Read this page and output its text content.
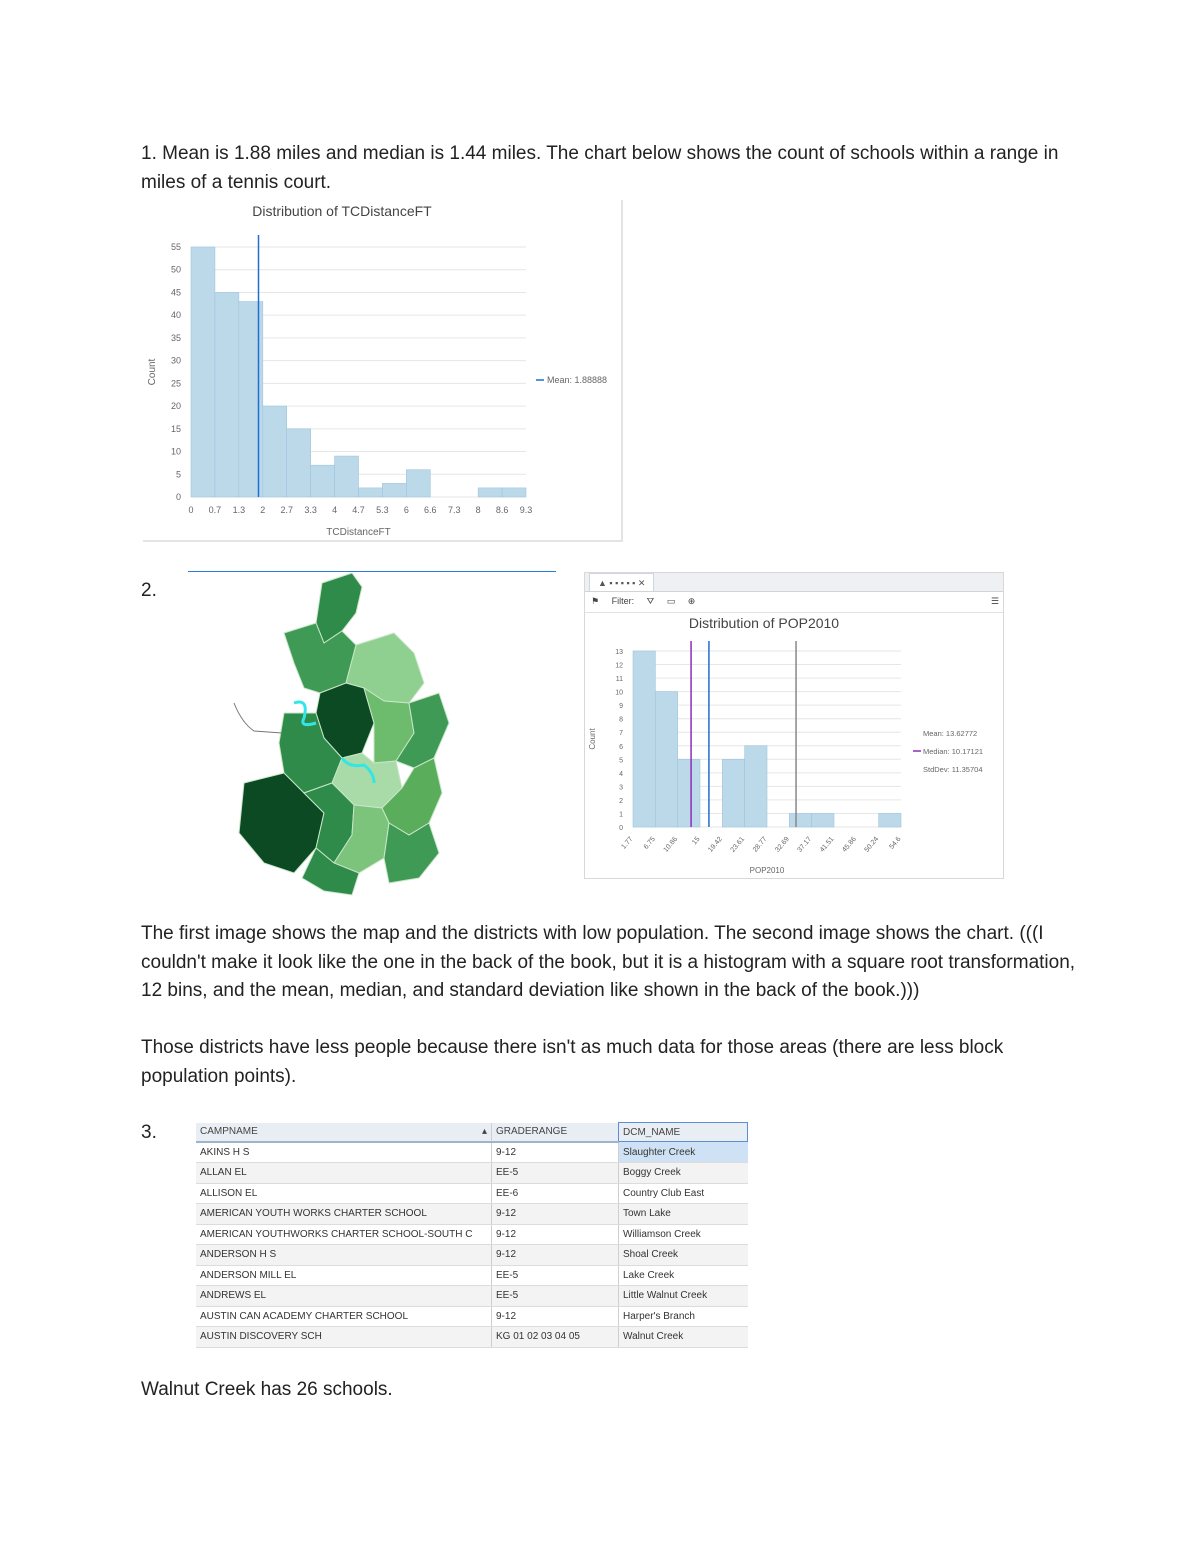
1. Mean is 1.88 miles and median is 1.44 miles. The chart below shows the count of schools within a range in miles of a tennis court.

Distribution of TCDistanceFT
0
5
10
15
20
25
30
35
40
45
50
55
0 0.7 1.3 2 2.7 3.3 4 4.7 5.3 6 6.6 7.3 8 8.6 9.3
TCDistanceFT
Count	Mean: 1.88888
2.	▲ ▪ ▪ ▪ ▪ ▪ ✕
⚑ Filter: ⛛ ▭ ⊕	☰
Distribution of POP2010
0
1
2
3
4
5
6
7
8
9
10
11
12
13
1.77 6.75 10.86 15 19.42 23.61 28.77 32.69 37.17 41.51 45.86 50.24 54.6
POP2010
Count	Mean: 13.62772
Median: 10.17121
StdDev: 11.35704

The first image shows the map and the districts with low population. The second image shows the chart. (((I couldn't make it look like the one in the back of the book, but it is a histogram with a square root transformation, 12 bins, and the mean, median, and standard deviation like shown in the back of the book.)))

Those districts have less people because there isn't as much data for those areas (there are less block population points).

3.	CAMPNAME ▴	GRADERANGE	DCM_NAME
AKINS H S	9-12	Slaughter Creek
ALLAN EL	EE-5	Boggy Creek
ALLISON EL	EE-6	Country Club East
AMERICAN YOUTH WORKS CHARTER SCHOOL	9-12	Town Lake
AMERICAN YOUTHWORKS CHARTER SCHOOL-SOUTH C	9-12	Williamson Creek
ANDERSON H S	9-12	Shoal Creek
ANDERSON MILL EL	EE-5	Lake Creek
ANDREWS EL	EE-5	Little Walnut Creek
AUSTIN CAN ACADEMY CHARTER SCHOOL	9-12	Harper's Branch
AUSTIN DISCOVERY SCH	KG 01 02 03 04 05	Walnut Creek

Walnut Creek has 26 schools.
